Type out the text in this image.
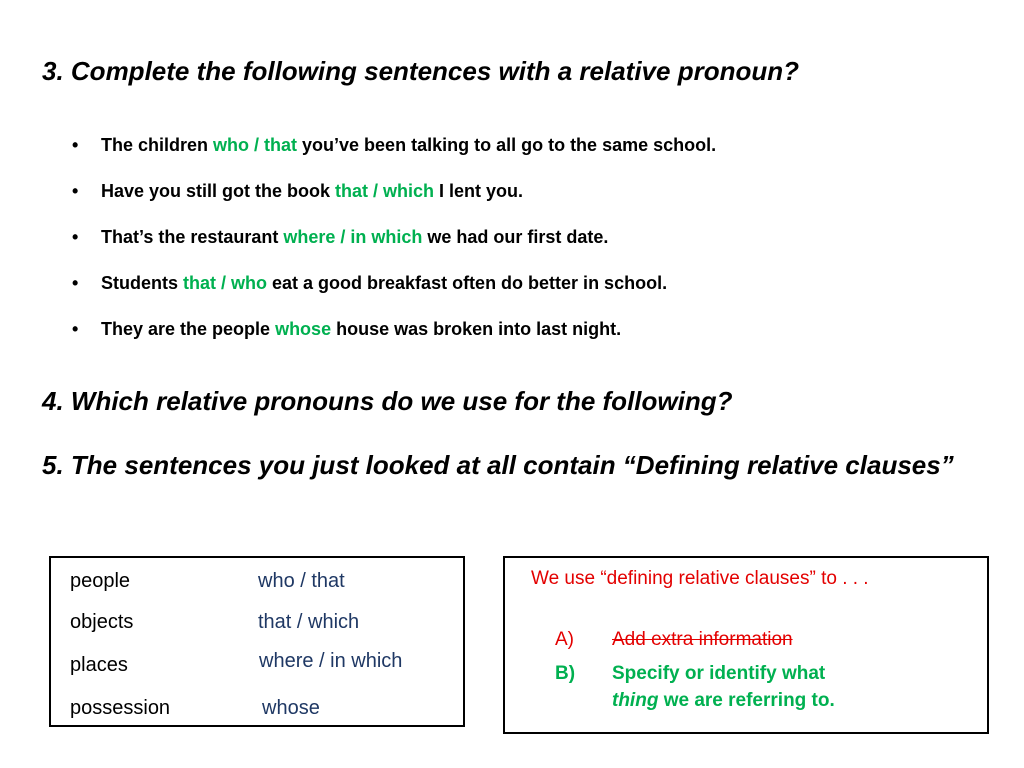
3. Complete the following sentences with a relative pronoun?
• The children who / that you’ve been talking to all go to the same school.
• Have you still got the book that / which I lent you.
• That’s the restaurant where / in which we had our first date.
• Students that / who eat a good breakfast often do better in school.
• They are the people whose house was broken into last night.
4. Which relative pronouns do we use for the following?
5. The sentences you just looked at all contain “Defining relative clauses”
people	who / that
objects	that / which
places	where / in which
possession	whose
We use “defining relative clauses” to . . .
A) Add extra information
B) Specify or identify what
thing we are referring to.
